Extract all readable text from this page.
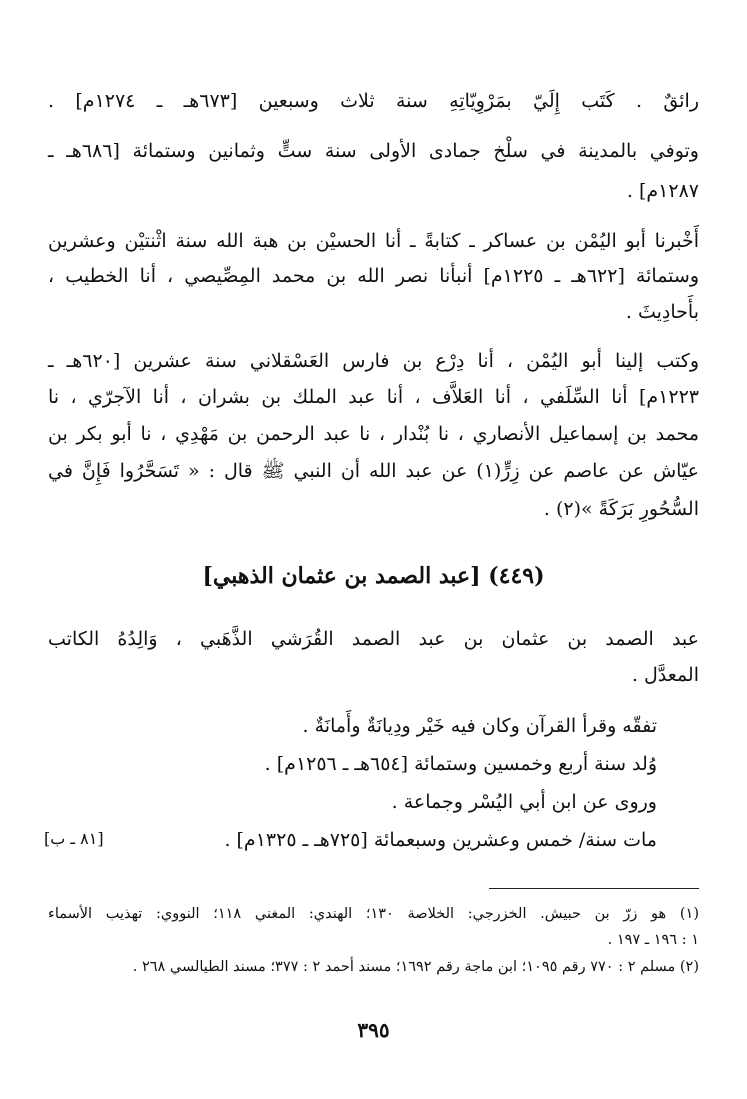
رائقٌ . كَتَب إِلَيّ بمَرْوِيّاتِهِ سنة ثلاث وسبعين [٦٧٣هـ ـ ١٢٧٤م] .
وتوفي بالمدينة في سلْخ جمادى الأولى سنة ستٍّ وثمانين وستمائة [٦٨٦هـ ـ
١٢٨٧م] .
أَخْبرنا أبو اليُمْن بن عساكر ـ كتابةً ـ أنا الحسيْن بن هبة الله سنة اثْنتيْن وعشرين
وستمائة [٦٢٢هـ ـ ١٢٢٥م] أنبأنا نصر الله بن محمد المِصِّيصي ، أنا الخطيب ،
بأَحادِيثَ .
وكتب إلينا أبو اليُمْن ، أنا دِرْع بن فارس العَسْقلاني سنة عشرين [٦٢٠هـ ـ
١٢٢٣م] أنا السِّلَفي ، أنا العَلاَّف ، أنا عبد الملك بن بشران ، أنا الآجرّي ، نا
محمد بن إسماعيل الأنصاري ، نا بُنْدار ، نا عبد الرحمن بن مَهْدِي ، نا أبو بكر بن
عيّاش عن عاصم عن زِرٍّ(١) عن عبد الله أن النبي ﷺ قال : « تَسَحَّرُوا فَإِنَّ في
السُّحُورِ بَرَكَةً »(٢) .
(٤٤٩) [عبد الصمد بن عثمان الذهبي]
عبد الصمد بن عثمان بن عبد الصمد القُرَشي الذَّهَبي ، وَالِدُهُ الكاتب
المعدَّل .
تفقّه وقرأ القرآن وكان فيه خَيْر ودِيانَةٌ وأَمانَةٌ .
وُلد سنة أربع وخمسين وستمائة [٦٥٤هـ ـ ١٢٥٦م] .
وروى عن ابن أبي اليُسْر وجماعة .
مات سنة/ خمس وعشرين وسبعمائة [٧٢٥هـ ـ ١٣٢٥م] .
[٨١ ـ ب]
(١) هو زرّ بن حبيش. الخزرجي: الخلاصة ١٣٠؛ الهندي: المغني ١١٨؛ النووي: تهذيب الأسماء
١ : ١٩٦ ـ ١٩٧ .
(٢) مسلم ٢ : ٧٧٠ رقم ١٠٩٥؛ ابن ماجة رقم ١٦٩٢؛ مسند أحمد ٢ : ٣٧٧؛ مسند الطيالسي ٢٦٨ .
٣٩٥
